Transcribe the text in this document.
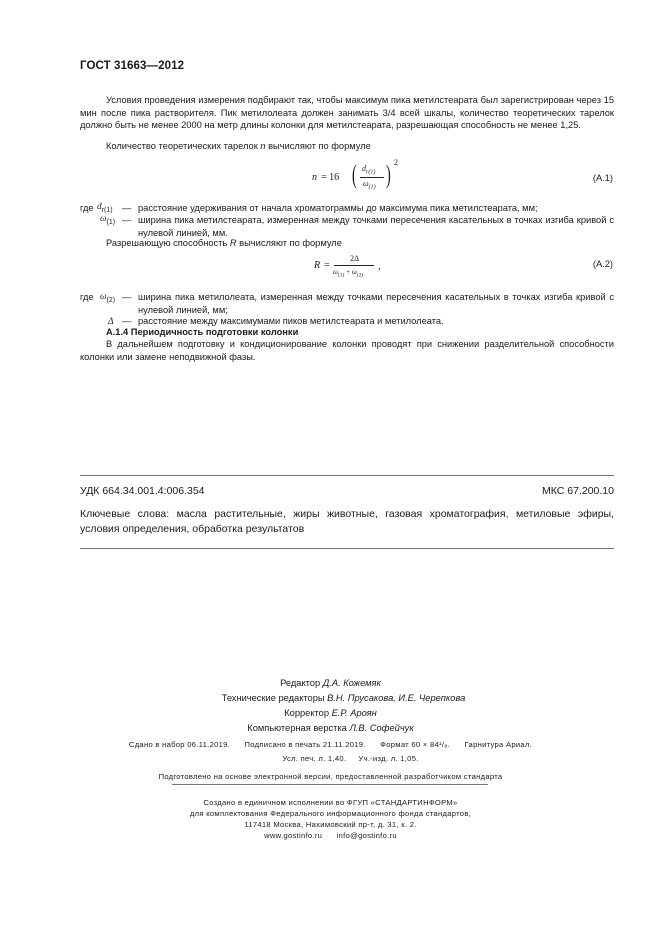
ГОСТ 31663—2012
Условия проведения измерения подбирают так, чтобы максимум пика метилстеарата был зарегистрирован через 15 мин после пика растворителя. Пик метилолеата должен занимать 3/4 всей шкалы, количество теоретических тарелок должно быть не менее 2000 на метр длины колонки для метилстеарата, разрешающая способность не менее 1,25.
Количество теоретических тарелок n вычисляют по формуле
n = 16 ( $d_{r(1)}$
$\omega_{(1)}$ ) 2
(A.1)
где $d_{r(1)}$	— расстояние удерживания от начала хроматограммы до максимума пика метилстеарата, мм;
$\omega_{(1)}$ — ширина пика метилстеарата, измеренная между точками пересечения касательных в точках изгиба кривой с нулевой линией, мм.
Разрешающую способность R вычисляют по формуле
R =
2Δ
$\omega_{(1)} + \omega_{(2)}$
,	(A.2)
где $\omega_{(2)}$ — ширина пика метилолеата, измеренная между точками пересечения касательных в точках изгиба кривой с нулевой линией, мм;
Δ — расстояние между максимумами пиков метилстеарата и метилолеата.
A.1.4 Периодичность подготовки колонки
В дальнейшем подготовку и кондиционирование колонки проводят при снижении разделительной способности колонки или замене неподвижной фазы.
УДК 664.34.001.4:006.354	МКС 67.200.10
Ключевые слова: масла растительные, жиры животные, газовая хроматография, метиловые эфиры, условия определения, обработка результатов
Редактор Д.А. Кожемяк
Технические редакторы В.Н. Прусакова, И.Е. Черепкова
Корректор Е.Р. Ароян
Компьютерная верстка Л.В. Софейчук
Сдано в набор 06.11.2019.      Подписано в печать 21.11.2019.      Формат 60 × 84¹/₈.      Гарнитура Ариал.
Усл. печ. л. 1,40.     Уч.-изд. л. 1,05.
Подготовлено на основе электронной версии, предоставленной разработчиком стандарта
Создано в единичном исполнении во ФГУП «СТАНДАРТИНФОРМ»
для комплектования Федерального информационного фонда стандартов,
117418 Москва, Нахимовский пр-т, д. 31, к. 2.
www.gostinfo.ru      info@gostinfo.ru
